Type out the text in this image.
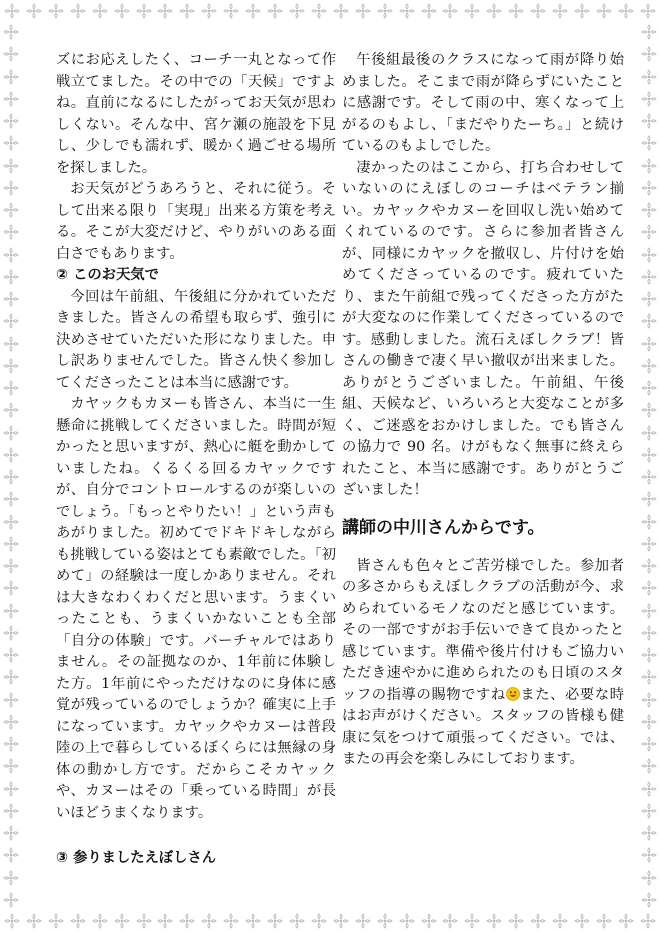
ズにお応えしたく、コーチ一丸となって作戦立てました。その中での「天候」ですよね。直前になるにしたがってお天気が思わしくない。そんな中、宮ケ瀬の施設を下見し、少しでも濡れず、暖かく過ごせる場所を探しました。

お天気がどうあろうと、それに従う。そして出来る限り「実現」出来る方策を考える。そこが大変だけど、やりがいのある面白さでもあります。

② このお天気で

今回は午前組、午後組に分かれていただきました。皆さんの希望も取らず、強引に決めさせていただいた形になりました。申し訳ありませんでした。皆さん快く参加してくださったことは本当に感謝です。

カヤックもカヌーも皆さん、本当に一生懸命に挑戦してくださいました。時間が短かったと思いますが、熱心に艇を動かしていましたね。くるくる回るカヤックですが、自分でコントロールするのが楽しいのでしょう。「もっとやりたい！」という声もあがりました。初めてでドキドキしながらも挑戦している姿はとても素敵でした。「初めて」の経験は一度しかありません。それは大きなわくわくだと思います。うまくいったことも、うまくいかないことも全部「自分の体験」です。バーチャルではありません。その証拠なのか、1年前に体験した方。1年前にやっただけなのに身体に感覚が残っているのでしょうか？確実に上手になっています。カヤックやカヌーは普段陸の上で暮らしているぼくらには無縁の身体の動かし方です。だからこそカヤックや、カヌーはその「乗っている時間」が長いほどうまくなります。

③ 参りましたえぼしさん

午後組最後のクラスになって雨が降り始めました。そこまで雨が降らずにいたことに感謝です。そして雨の中、寒くなって上がるのもよし、「まだやりたーち。」と続けているのもよしでした。

凄かったのはここから、打ち合わせしていないのにえぼしのコーチはベテラン揃い。カヤックやカヌーを回収し洗い始めてくれているのです。さらに参加者皆さんが、同様にカヤックを撤収し、片付けを始めてくださっているのです。疲れていたり、また午前組で残ってくださった方がたが大変なのに作業してくださっているのです。感動しました。流石えぼしクラブ！皆さんの働きで凄く早い撤収が出来ました。ありがとうございました。午前組、午後組、天候など、いろいろと大変なことが多く、ご迷惑をおかけしました。でも皆さんの協力で 90 名。けがもなく無事に終えられたこと、本当に感謝です。ありがとうございました！

講師の中川さんからです。

皆さんも色々とご苦労様でした。参加者の多さからもえぼしクラブの活動が今、求められているモノなのだと感じています。その一部ですがお手伝いできて良かったと感じています。準備や後片付けもご協力いただき速やかに進められたのも日頃のスタッフの指導の賜物ですね また、必要な時はお声がけください。スタッフの皆様も健康に気をつけて頑張ってください。では、またの再会を楽しみにしております。
